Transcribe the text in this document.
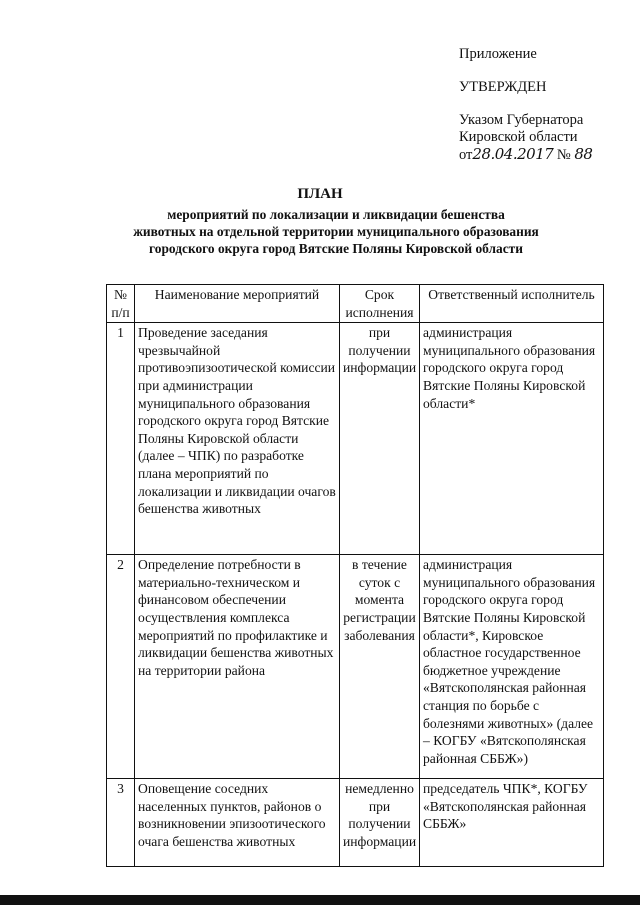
Приложение
УТВЕРЖДЕН
Указом Губернатора
Кировской области
от28.04.2017 № 88
ПЛАН
мероприятий по локализации и ликвидации бешенства
животных на отдельной территории муниципального образования
городского округа город Вятские Поляны Кировской области
№ п/п	Наименование мероприятий	Срок исполнения	Ответственный исполнитель
1	Проведение заседания чрезвычайной противоэпизоотической комиссии при администрации муниципального образования городского округа город Вятские Поляны Кировской области (далее – ЧПК) по разработке плана мероприятий по локализации и ликвидации очагов бешенства животных	при получении информации	администрация муниципального образования городского округа город Вятские Поляны Кировской области*
2	Определение потребности в материально-техническом и финансовом обеспечении осуществления комплекса мероприятий по профилактике и ликвидации бешенства животных на территории района	в течение суток с момента регистрации заболевания	администрация муниципального образования городского округа город Вятские Поляны Кировской области*, Кировское областное государственное бюджетное учреждение «Вятскополянская районная станция по борьбе с болезнями животных» (далее – КОГБУ «Вятскополянская районная СББЖ»)
3	Оповещение соседних населенных пунктов, районов о возникновении эпизоотического очага бешенства животных	немедленно при получении информации	председатель ЧПК*, КОГБУ «Вятскополянская районная СББЖ»
